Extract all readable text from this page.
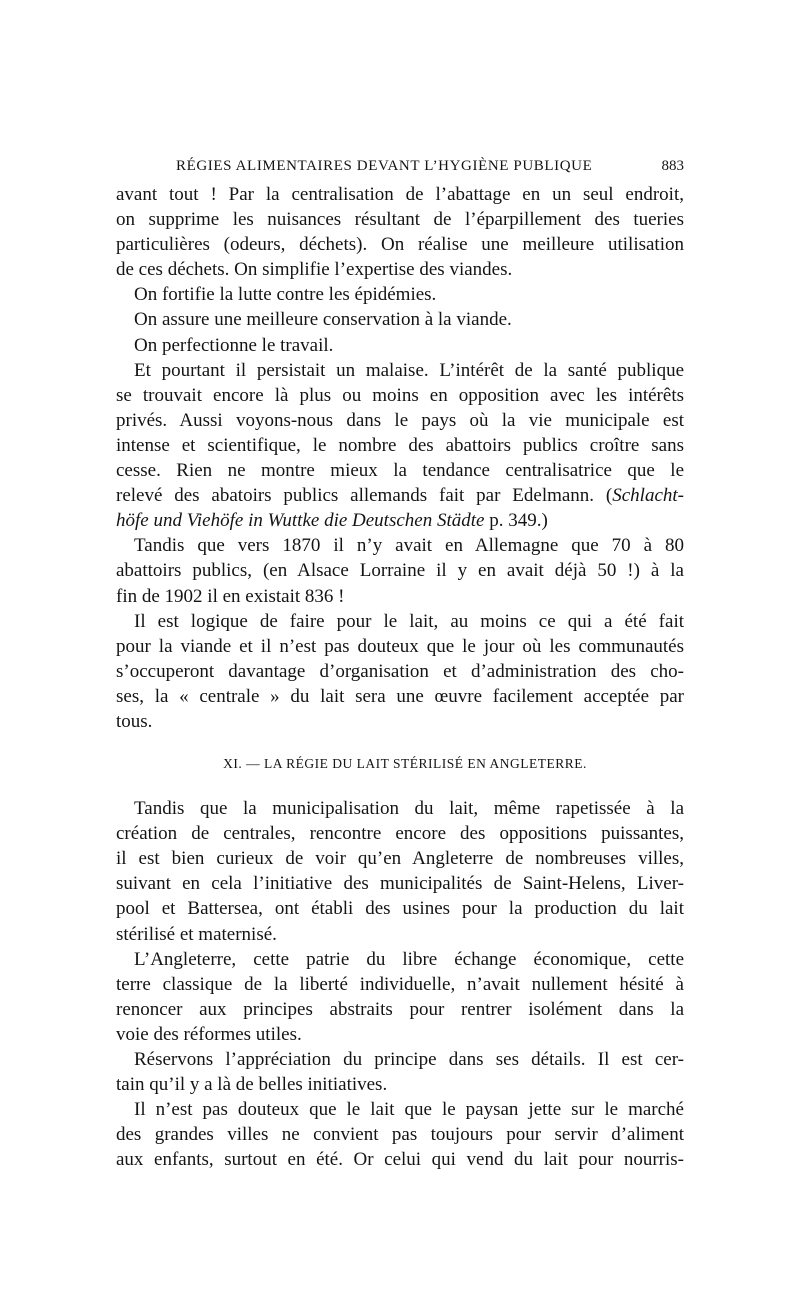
RÉGIES ALIMENTAIRES DEVANT L’HYGIÈNE PUBLIQUE	883
avant tout ! Par la centralisation de l’abattage en un seul endroit,
on supprime les nuisances résultant de l’éparpillement des tueries
particulières (odeurs, déchets). On réalise une meilleure utilisation
de ces déchets. On simplifie l’expertise des viandes.
On fortifie la lutte contre les épidémies.
On assure une meilleure conservation à la viande.
On perfectionne le travail.
Et pourtant il persistait un malaise. L’intérêt de la santé publique
se trouvait encore là plus ou moins en opposition avec les intérêts
privés. Aussi voyons-nous dans le pays où la vie municipale est
intense et scientifique, le nombre des abattoirs publics croître sans
cesse. Rien ne montre mieux la tendance centralisatrice que le
relevé des abatoirs publics allemands fait par Edelmann. (Schlacht-
höfe und Viehöfe in Wuttke die Deutschen Städte p. 349.)
Tandis que vers 1870 il n’y avait en Allemagne que 70 à 80
abattoirs publics, (en Alsace Lorraine il y en avait déjà 50 !) à la
fin de 1902 il en existait 836 !
Il est logique de faire pour le lait, au moins ce qui a été fait
pour la viande et il n’est pas douteux que le jour où les communautés
s’occuperont davantage d’organisation et d’administration des cho-
ses, la « centrale » du lait sera une œuvre facilement acceptée par
tous.
XI. — LA RÉGIE DU LAIT STÉRILISÉ EN ANGLETERRE.
Tandis que la municipalisation du lait, même rapetissée à la
création de centrales, rencontre encore des oppositions puissantes,
il est bien curieux de voir qu’en Angleterre de nombreuses villes,
suivant en cela l’initiative des municipalités de Saint-Helens, Liver-
pool et Battersea, ont établi des usines pour la production du lait
stérilisé et maternisé.
L’Angleterre, cette patrie du libre échange économique, cette
terre classique de la liberté individuelle, n’avait nullement hésité à
renoncer aux principes abstraits pour rentrer isolément dans la
voie des réformes utiles.
Réservons l’appréciation du principe dans ses détails. Il est cer-
tain qu’il y a là de belles initiatives.
Il n’est pas douteux que le lait que le paysan jette sur le marché
des grandes villes ne convient pas toujours pour servir d’aliment
aux enfants, surtout en été. Or celui qui vend du lait pour nourris-
